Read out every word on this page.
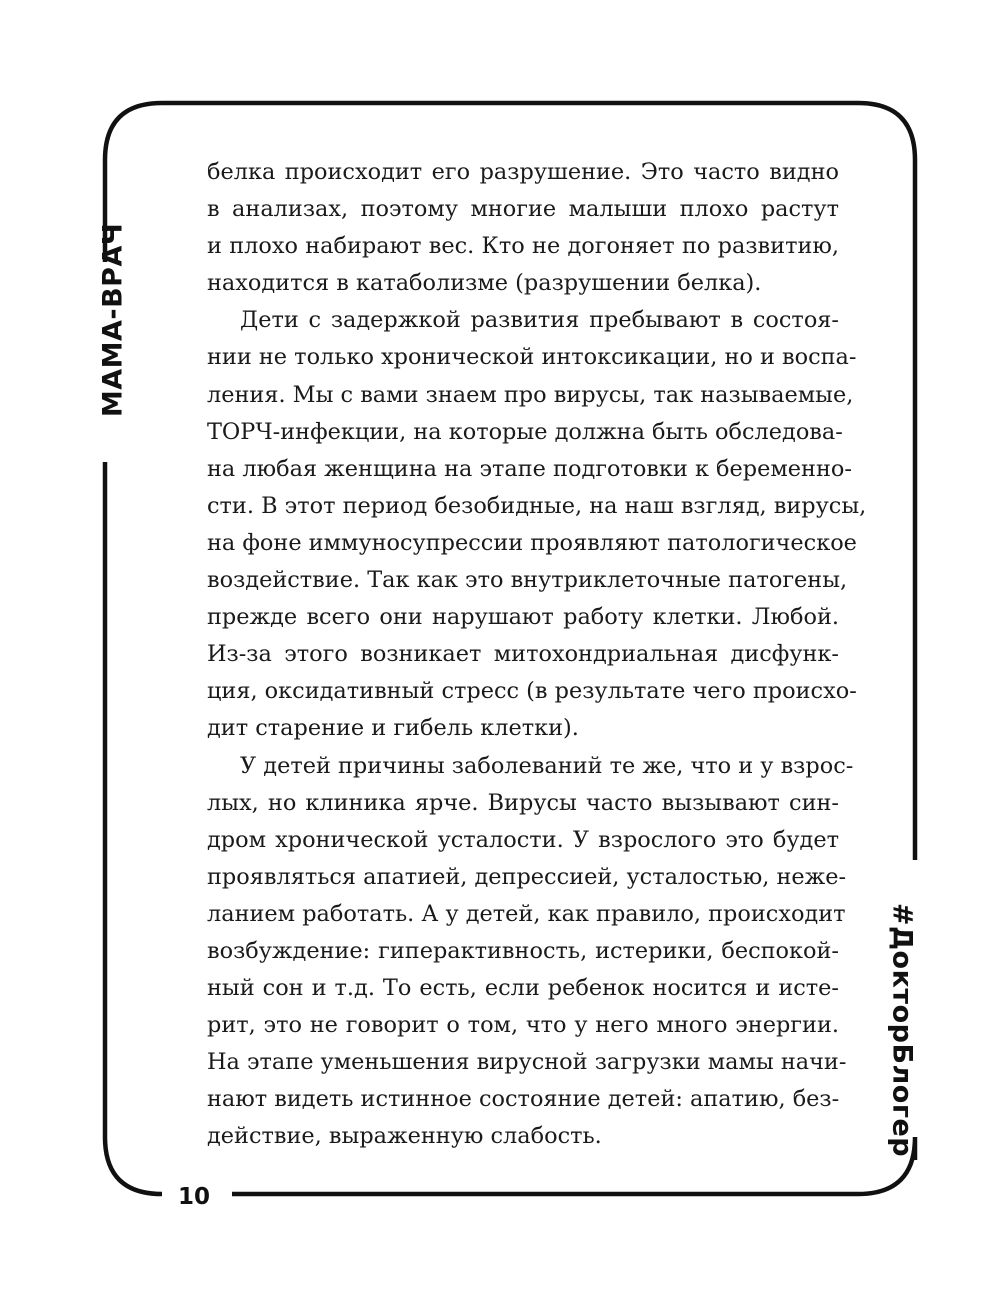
МАМА-ВРАЧ
#ДокторБлогер
белка происходит его разрушение. Это часто видно
в анализах, поэтому многие малыши плохо растут
и плохо набирают вес. Кто не догоняет по развитию,
находится в катаболизме (разрушении белка).
Дети с задержкой развития пребывают в состоя-
нии не только хронической интоксикации, но и воспа-
ления. Мы с вами знаем про вирусы, так называемые,
ТОРЧ-инфекции, на которые должна быть обследова-
на любая женщина на этапе подготовки к беременно-
сти. В этот период безобидные, на наш взгляд, вирусы,
на фоне иммуносупрессии проявляют патологическое
воздействие. Так как это внутриклеточные патогены,
прежде всего они нарушают работу клетки. Любой.
Из-за этого возникает митохондриальная дисфунк-
ция, оксидативный стресс (в результате чего происхо-
дит старение и гибель клетки).
У детей причины заболеваний те же, что и у взрос-
лых, но клиника ярче. Вирусы часто вызывают син-
дром хронической усталости. У взрослого это будет
проявляться апатией, депрессией, усталостью, неже-
ланием работать. А у детей, как правило, происходит
возбуждение: гиперактивность, истерики, беспокой-
ный сон и т.д. То есть, если ребенок носится и исте-
рит, это не говорит о том, что у него много энергии.
На этапе уменьшения вирусной загрузки мамы начи-
нают видеть истинное состояние детей: апатию, без-
действие, выраженную слабость.
10
